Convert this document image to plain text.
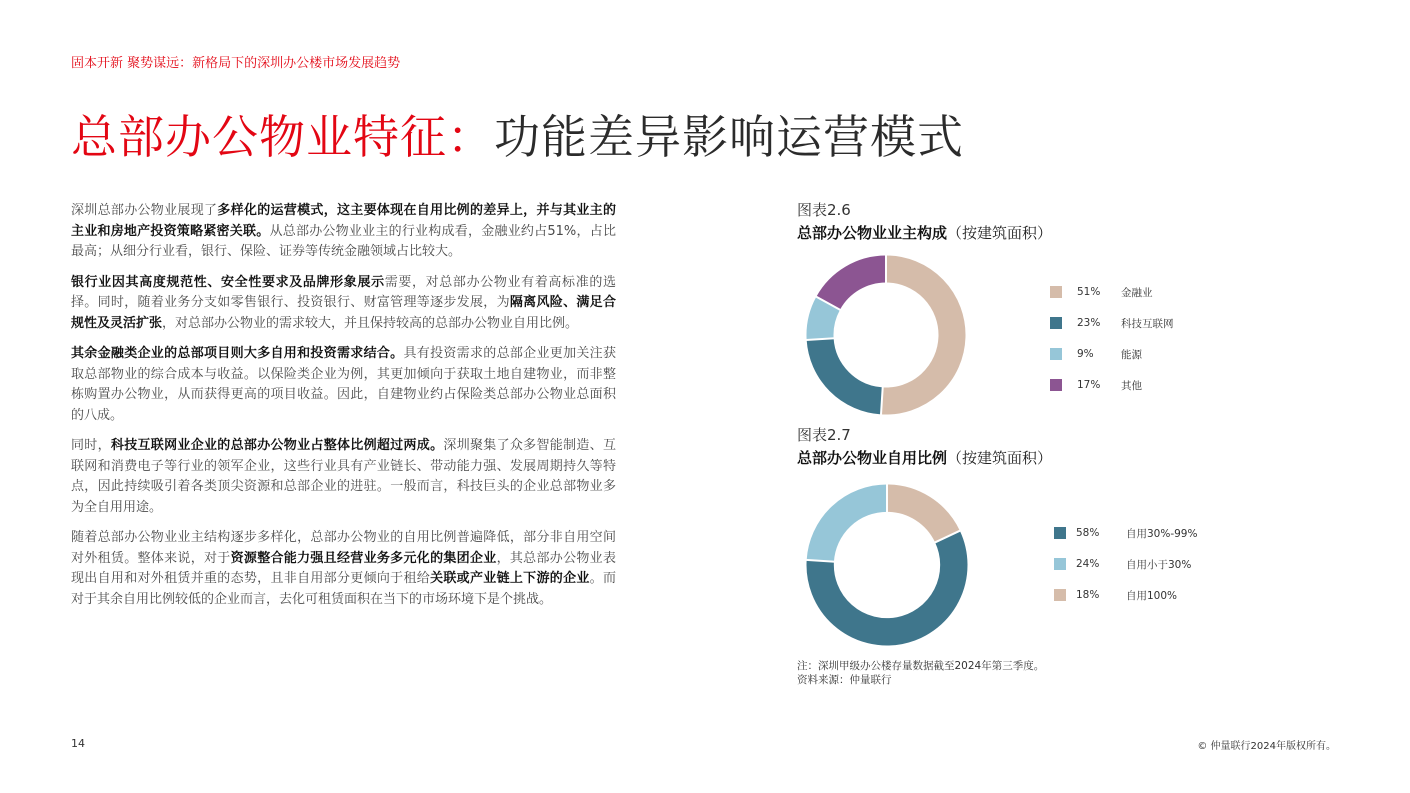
固本开新 聚势谋远：新格局下的深圳办公楼市场发展趋势
总部办公物业特征：功能差异影响运营模式

深圳总部办公物业展现了多样化的运营模式，这主要体现在自用比例的差异上，并与其业主的主业和房地产投资策略紧密关联。从总部办公物业业主的行业构成看，金融业约占51%，占比最高；从细分行业看，银行、保险、证券等传统金融领域占比较大。

银行业因其高度规范性、安全性要求及品牌形象展示需要，对总部办公物业有着高标准的选择。同时，随着业务分支如零售银行、投资银行、财富管理等逐步发展，为隔离风险、满足合规性及灵活扩张，对总部办公物业的需求较大，并且保持较高的总部办公物业自用比例。

其余金融类企业的总部项目则大多自用和投资需求结合。具有投资需求的总部企业更加关注获取总部物业的综合成本与收益。以保险类企业为例，其更加倾向于获取土地自建物业，而非整栋购置办公物业，从而获得更高的项目收益。因此，自建物业约占保险类总部办公物业总面积的八成。

同时，科技互联网业企业的总部办公物业占整体比例超过两成。深圳聚集了众多智能制造、互联网和消费电子等行业的领军企业，这些行业具有产业链长、带动能力强、发展周期持久等特点，因此持续吸引着各类顶尖资源和总部企业的进驻。一般而言，科技巨头的企业总部物业多为全自用用途。

随着总部办公物业业主结构逐步多样化，总部办公物业的自用比例普遍降低，部分非自用空间对外租赁。整体来说，对于资源整合能力强且经营业务多元化的集团企业，其总部办公物业表现出自用和对外租赁并重的态势，且非自用部分更倾向于租给关联或产业链上下游的企业。而对于其余自用比例较低的企业而言，去化可租赁面积在当下的市场环境下是个挑战。

图表2.6
总部办公物业业主构成（按建筑面积）
51% 金融业
23% 科技互联网
9%	能源
17% 其他
图表2.7
总部办公物业自用比例（按建筑面积）
58%	自用30%-99%
24%	自用小于30%
18%	自用100%
注：深圳甲级办公楼存量数据截至2024年第三季度。
资料来源：仲量联行
14	© 仲量联行2024年版权所有。
